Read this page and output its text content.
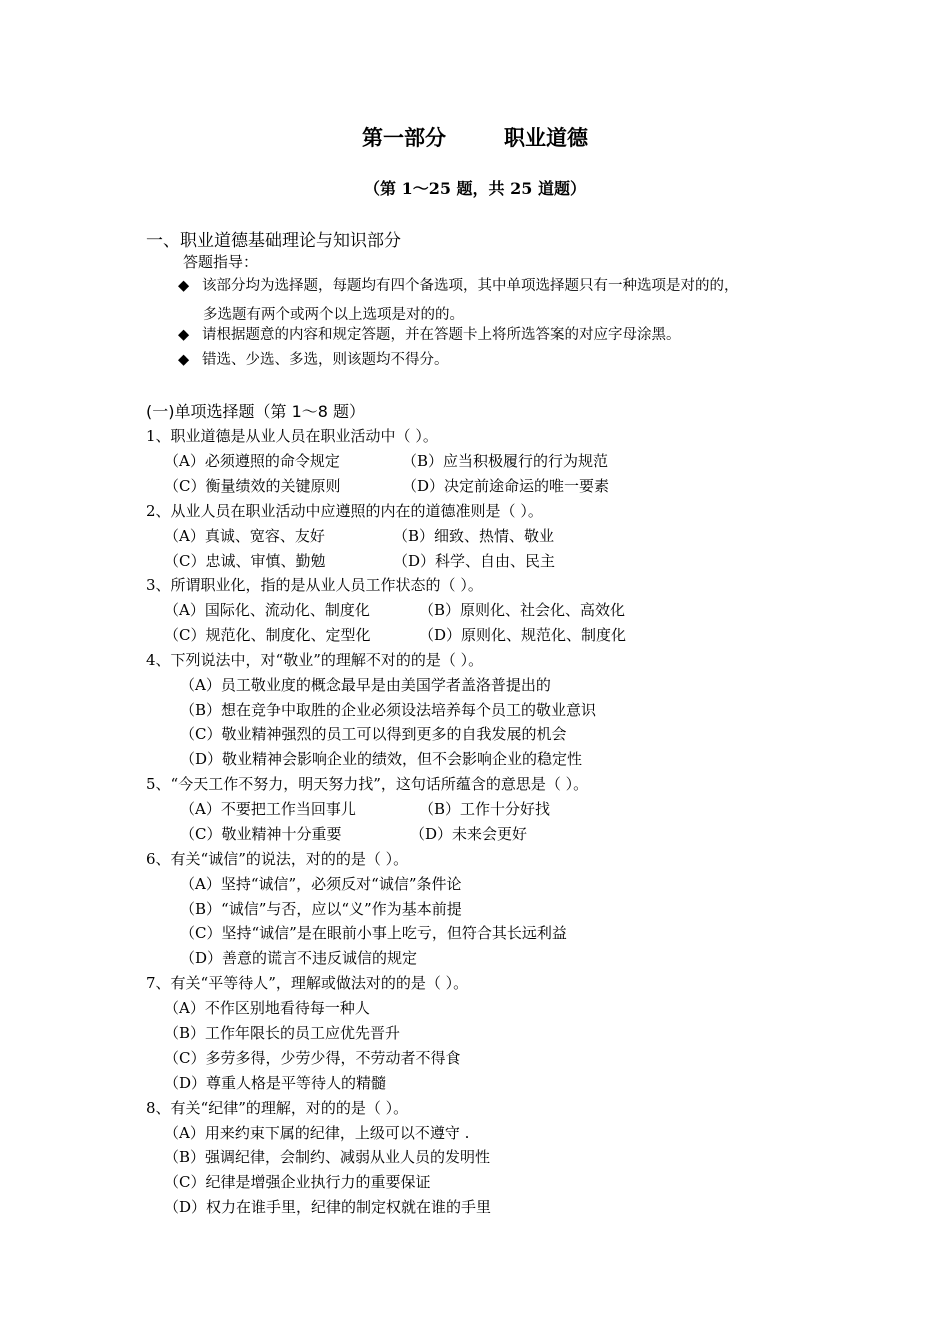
第一部分	职业道德
（第 1～25 题，共 25 道题）
一、职业道德基础理论与知识部分
答题指导：
◆ 该部分均为选择题，每题均有四个备选项，其中单项选择题只有一种选项是对的的，
多选题有两个或两个以上选项是对的的。
◆ 请根据题意的内容和规定答题，并在答题卡上将所选答案的对应字母涂黑。
◆ 错选、少选、多选，则该题均不得分。
(一)单项选择题（第 1～8 题）
1、职业道德是从业人员在职业活动中（ ）。
（A）必须遵照的命令规定	（B）应当积极履行的行为规范
（C）衡量绩效的关键原则	（D）决定前途命运的唯一要素
2、从业人员在职业活动中应遵照的内在的道德准则是（ ）。
（A）真诚、宽容、友好	（B）细致、热情、敬业
（C）忠诚、审慎、勤勉	（D）科学、自由、民主
3、所谓职业化，指的是从业人员工作状态的（ ）。
（A）国际化、流动化、制度化	（B）原则化、社会化、高效化
（C）规范化、制度化、定型化	（D）原则化、规范化、制度化
4、下列说法中，对“敬业”的理解不对的的是（ ）。
（A）员工敬业度的概念最早是由美国学者盖洛普提出的
（B）想在竞争中取胜的企业必须设法培养每个员工的敬业意识
（C）敬业精神强烈的员工可以得到更多的自我发展的机会
（D）敬业精神会影响企业的绩效，但不会影响企业的稳定性
5、“今天工作不努力，明天努力找”，这句话所蕴含的意思是（ ）。
（A）不要把工作当回事儿	（B）工作十分好找
（C）敬业精神十分重要	（D）未来会更好
6、有关“诚信”的说法，对的的是（ ）。
（A）坚持“诚信”，必须反对“诚信”条件论
（B）“诚信”与否，应以“义”作为基本前提
（C）坚持“诚信”是在眼前小事上吃亏，但符合其长远利益
（D）善意的谎言不违反诚信的规定
7、有关“平等待人”，理解或做法对的的是（ ）。
（A）不作区别地看待每一种人
（B）工作年限长的员工应优先晋升
（C）多劳多得，少劳少得，不劳动者不得食
（D）尊重人格是平等待人的精髓
8、有关“纪律”的理解，对的的是（ ）。
（A）用来约束下属的纪律，上级可以不遵守 .
（B）强调纪律，会制约、减弱从业人员的发明性
（C）纪律是增强企业执行力的重要保证
（D）权力在谁手里，纪律的制定权就在谁的手里
